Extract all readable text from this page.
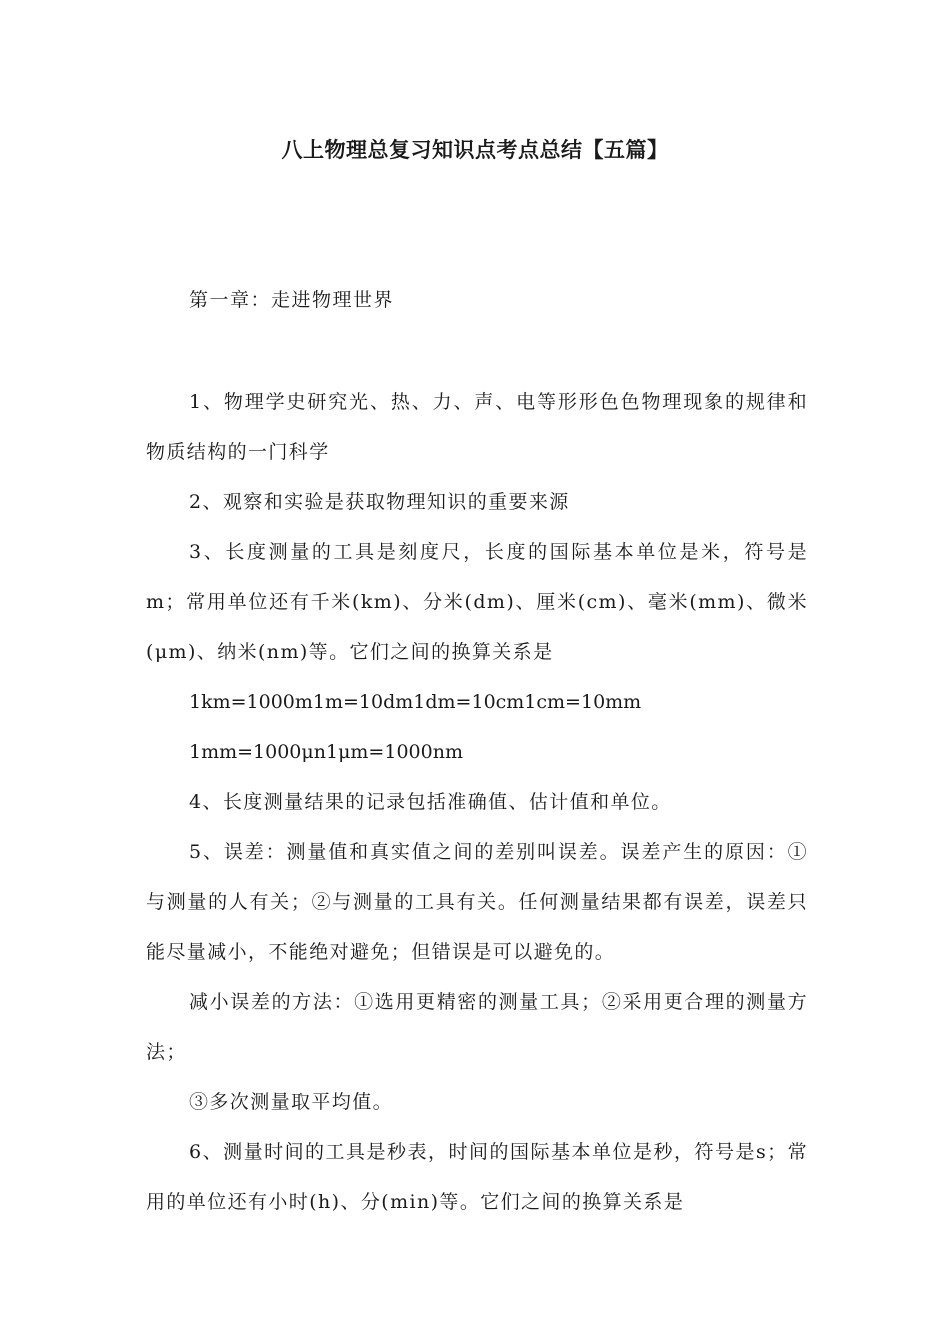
八上物理总复习知识点考点总结【五篇】
第一章：走进物理世界

1、物理学史研究光、热、力、声、电等形形色色物理现象的规律和物质结构的一门科学

2、观察和实验是获取物理知识的重要来源

3、长度测量的工具是刻度尺，长度的国际基本单位是米，符号是m；常用单位还有千米(km)、分米(dm)、厘米(cm)、毫米(mm)、微米(μm)、纳米(nm)等。它们之间的换算关系是

1km=1000m1m=10dm1dm=10cm1cm=10mm

1mm=1000μn1μm=1000nm

4、长度测量结果的记录包括准确值、估计值和单位。

5、误差：测量值和真实值之间的差别叫误差。误差产生的原因：①与测量的人有关；②与测量的工具有关。任何测量结果都有误差，误差只能尽量减小，不能绝对避免；但错误是可以避免的。

减小误差的方法：①选用更精密的测量工具；②采用更合理的测量方法；

③多次测量取平均值。

6、测量时间的工具是秒表，时间的国际基本单位是秒，符号是s；常用的单位还有小时(h)、分(min)等。它们之间的换算关系是
